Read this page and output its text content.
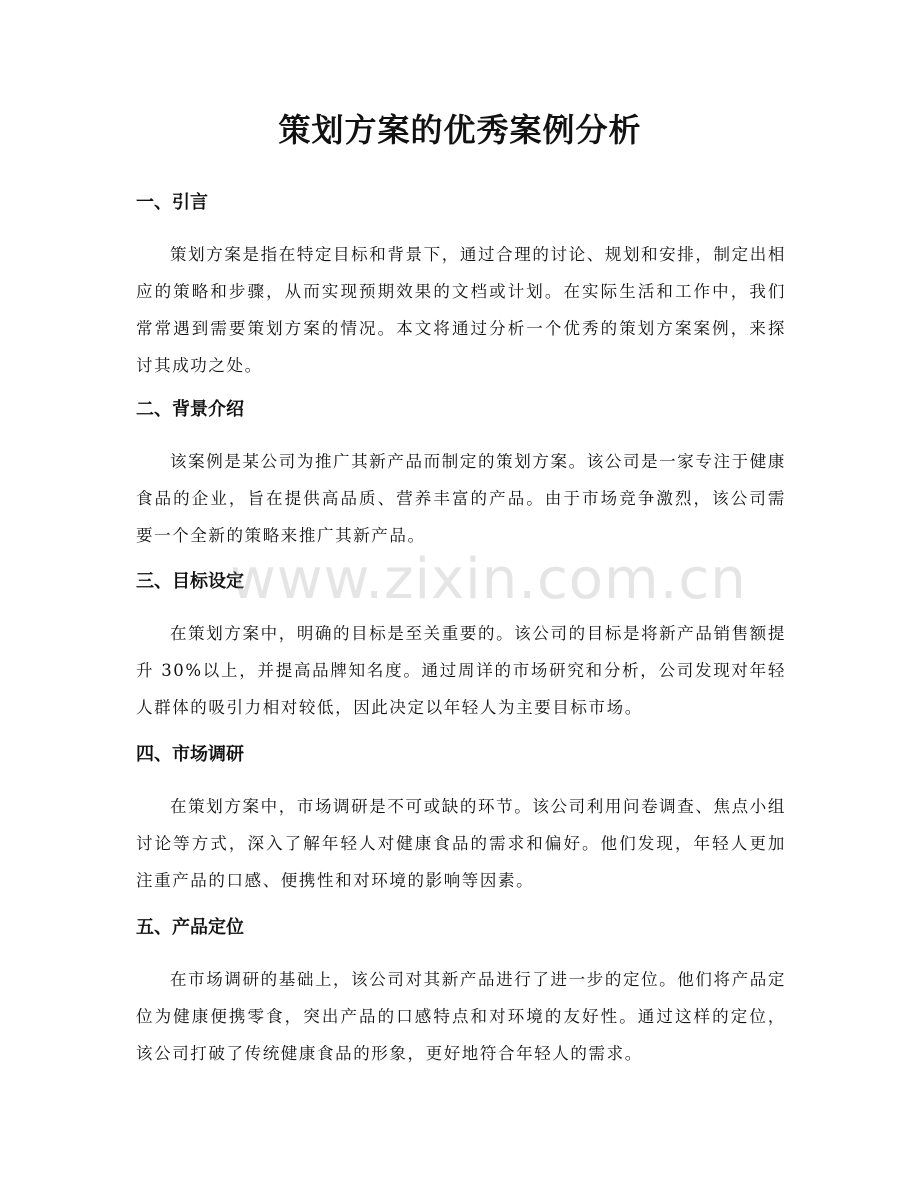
策划方案的优秀案例分析
一、引言

策划方案是指在特定目标和背景下，通过合理的讨论、规划和安排，制定出相应的策略和步骤，从而实现预期效果的文档或计划。在实际生活和工作中，我们常常遇到需要策划方案的情况。本文将通过分析一个优秀的策划方案案例，来探讨其成功之处。

二、背景介绍

该案例是某公司为推广其新产品而制定的策划方案。该公司是一家专注于健康食品的企业，旨在提供高品质、营养丰富的产品。由于市场竞争激烈，该公司需要一个全新的策略来推广其新产品。

三、目标设定

在策划方案中，明确的目标是至关重要的。该公司的目标是将新产品销售额提升 30%以上，并提高品牌知名度。通过周详的市场研究和分析，公司发现对年轻人群体的吸引力相对较低，因此决定以年轻人为主要目标市场。

四、市场调研

在策划方案中，市场调研是不可或缺的环节。该公司利用问卷调查、焦点小组讨论等方式，深入了解年轻人对健康食品的需求和偏好。他们发现，年轻人更加注重产品的口感、便携性和对环境的影响等因素。

五、产品定位

在市场调研的基础上，该公司对其新产品进行了进一步的定位。他们将产品定位为健康便携零食，突出产品的口感特点和对环境的友好性。通过这样的定位，该公司打破了传统健康食品的形象，更好地符合年轻人的需求。

www.zixin.com.cn
